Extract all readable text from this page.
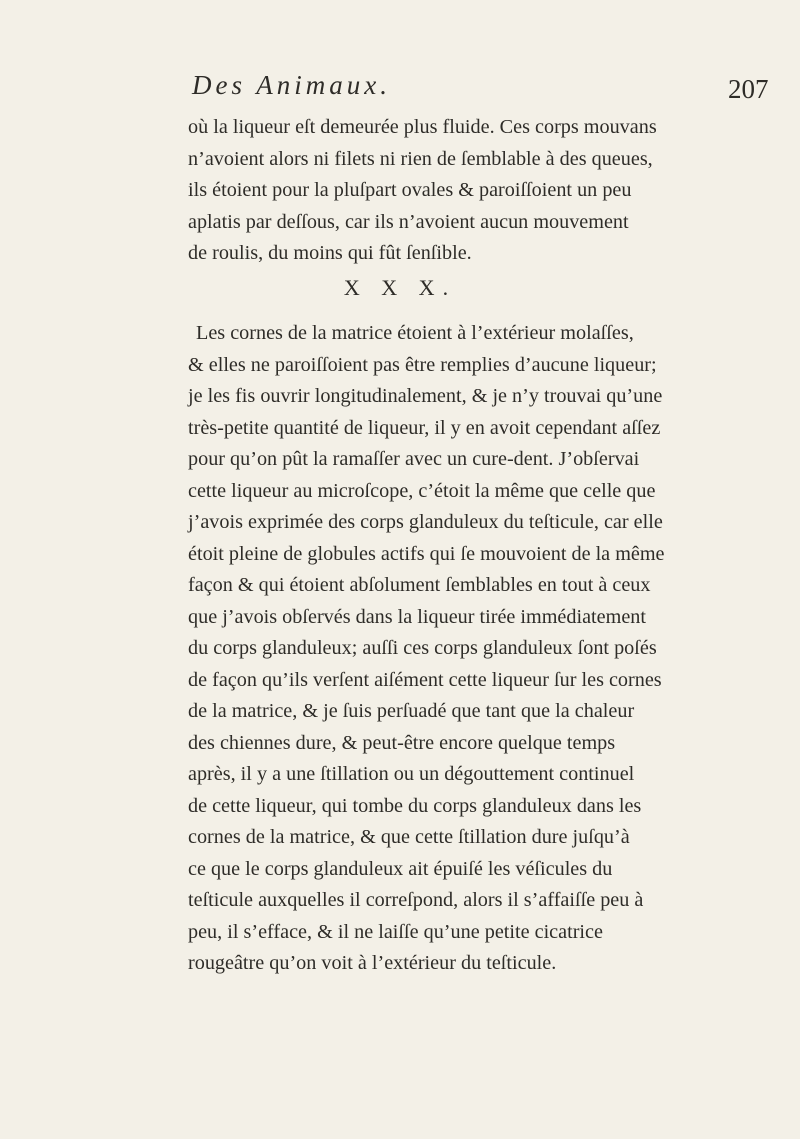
Des Animaux.	207
où la liqueur eſt demeurée plus fluide. Ces corps mouvans
n’avoient alors ni filets ni rien de ſemblable à des queues,
ils étoient pour la pluſpart ovales & paroiſſoient un peu
aplatis par deſſous, car ils n’avoient aucun mouvement
de roulis, du moins qui fût ſenſible.
X X X.
Les cornes de la matrice étoient à l’extérieur molaſſes,
& elles ne paroiſſoient pas être remplies d’aucune liqueur;
je les fis ouvrir longitudinalement, & je n’y trouvai qu’une
très-petite quantité de liqueur, il y en avoit cependant aſſez
pour qu’on pût la ramaſſer avec un cure-dent. J’obſervai
cette liqueur au microſcope, c’étoit la même que celle que
j’avois exprimée des corps glanduleux du teſticule, car elle
étoit pleine de globules actifs qui ſe mouvoient de la même
façon & qui étoient abſolument ſemblables en tout à ceux
que j’avois obſervés dans la liqueur tirée immédiatement
du corps glanduleux; auſſi ces corps glanduleux ſont poſés
de façon qu’ils verſent aiſément cette liqueur ſur les cornes
de la matrice, & je ſuis perſuadé que tant que la chaleur
des chiennes dure, & peut-être encore quelque temps
après, il y a une ſtillation ou un dégouttement continuel
de cette liqueur, qui tombe du corps glanduleux dans les
cornes de la matrice, & que cette ſtillation dure juſqu’à
ce que le corps glanduleux ait épuiſé les véſicules du
teſticule auxquelles il correſpond, alors il s’affaiſſe peu à
peu, il s’efface, & il ne laiſſe qu’une petite cicatrice
rougeâtre qu’on voit à l’extérieur du teſticule.
